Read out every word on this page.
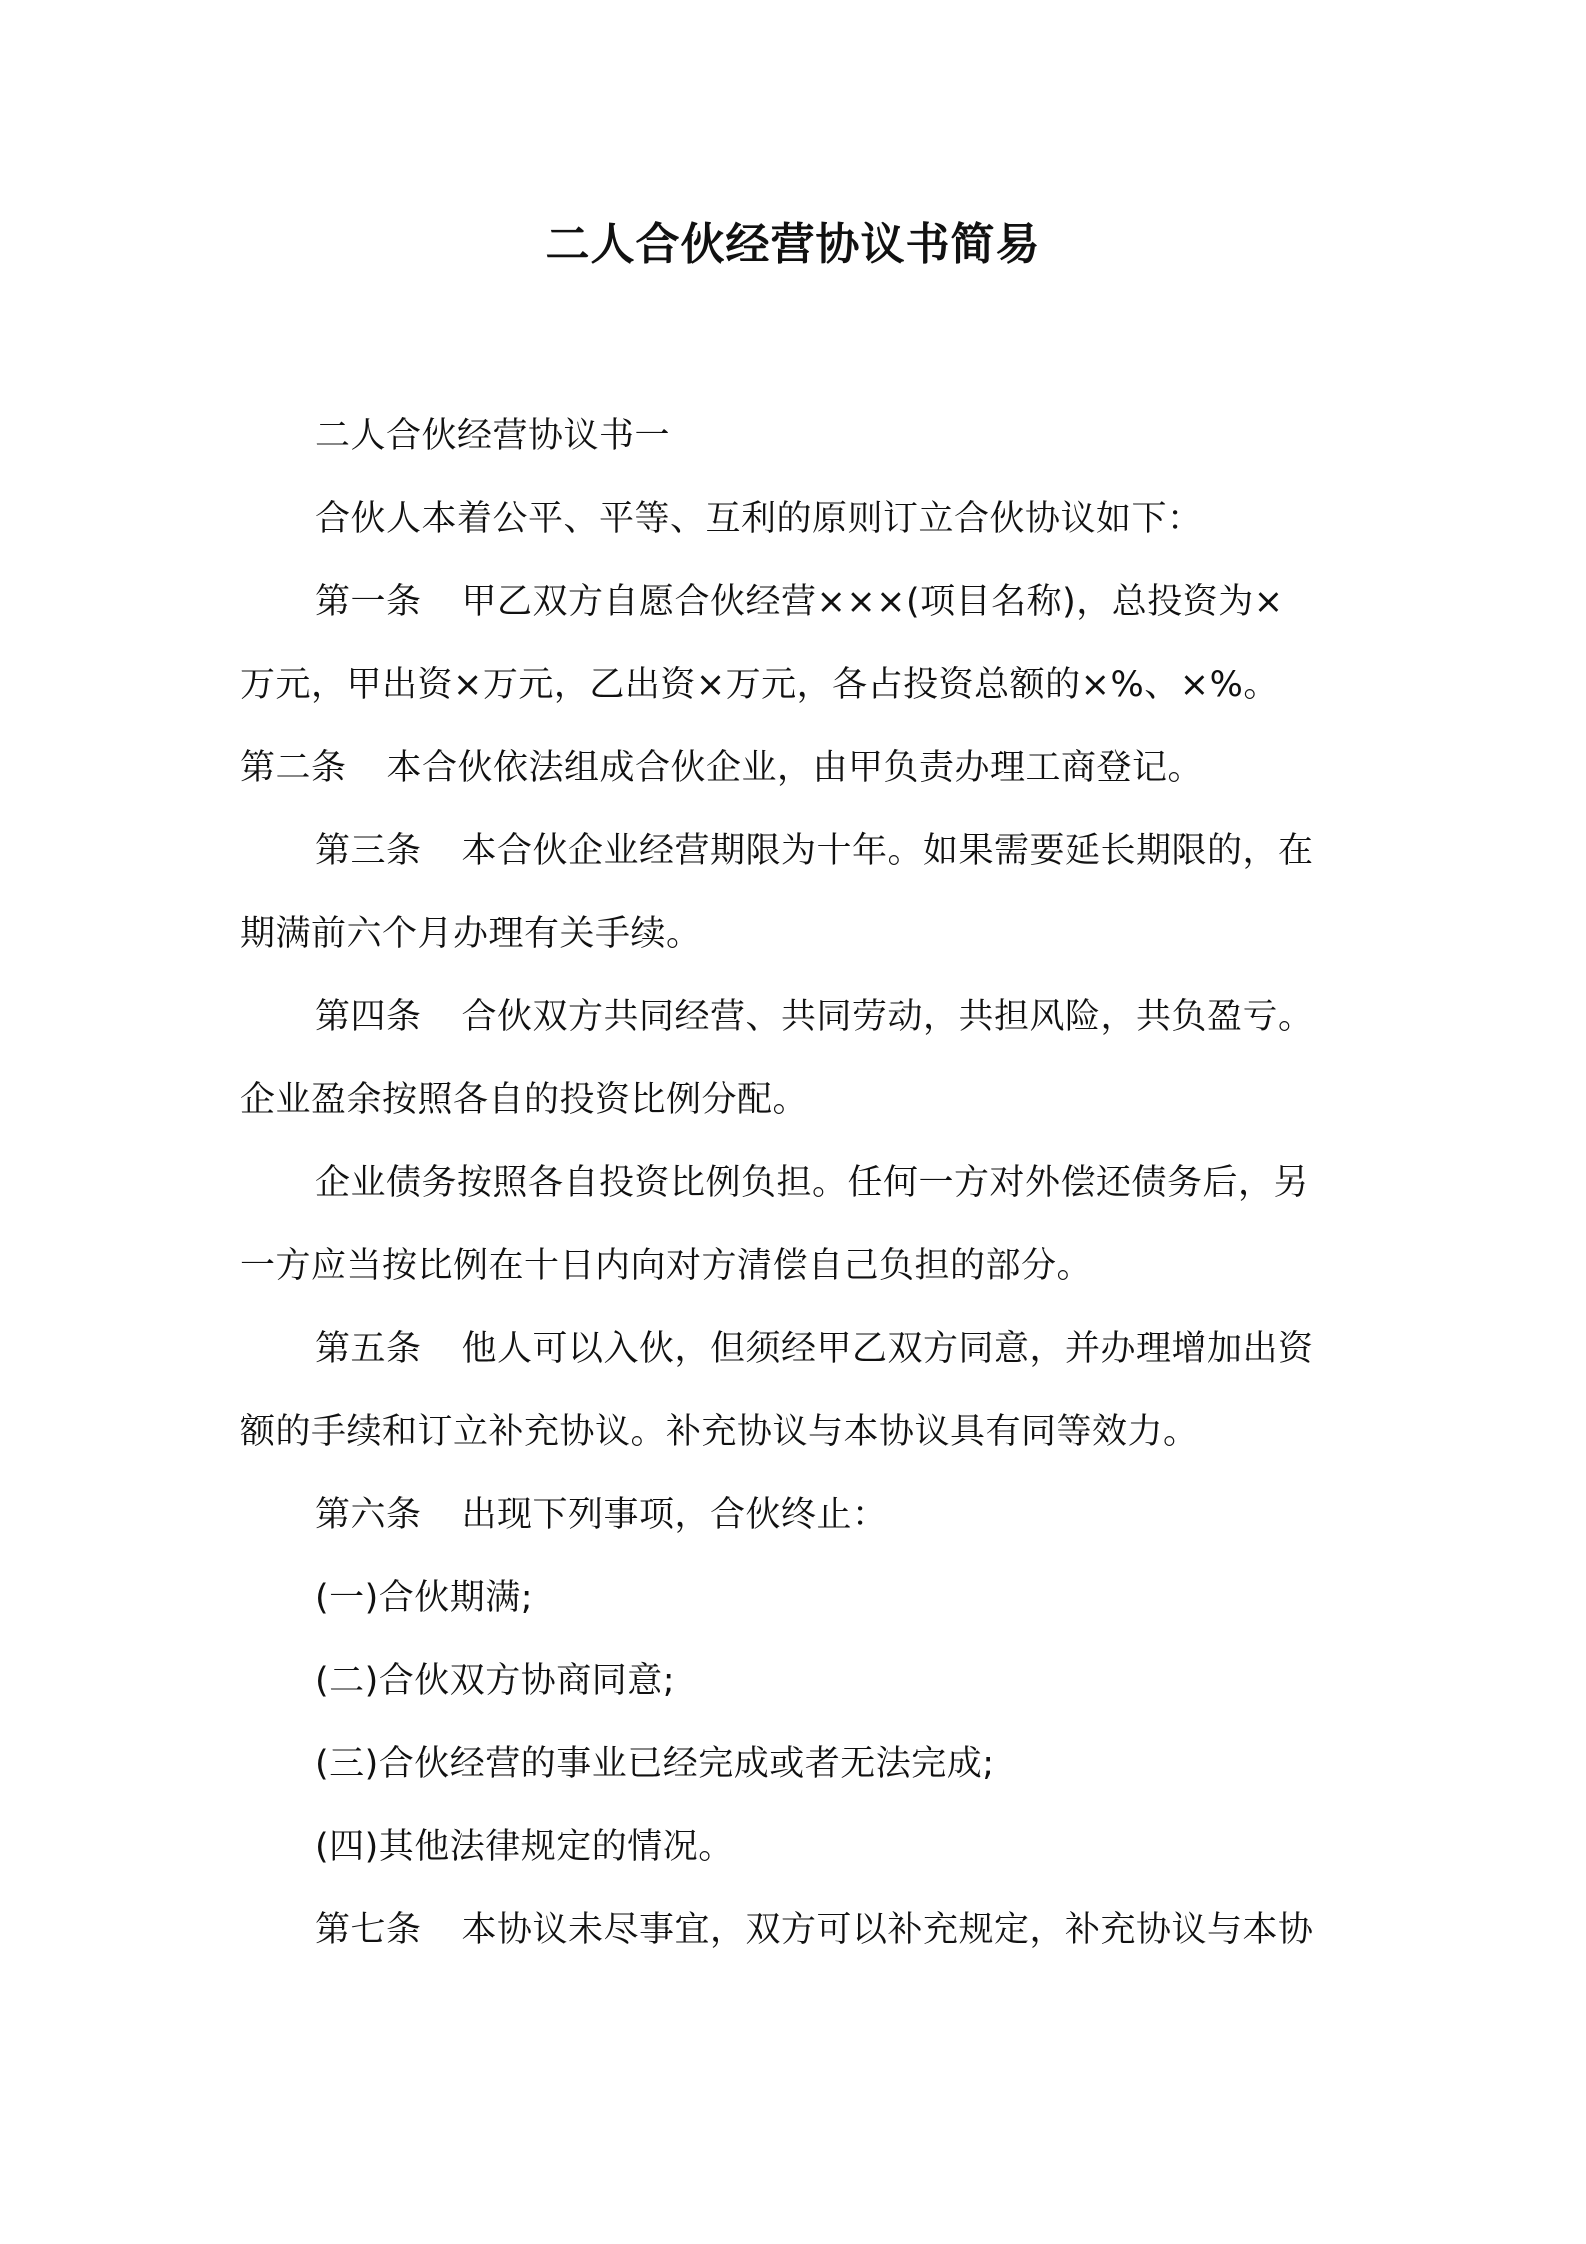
二人合伙经营协议书简易
二人合伙经营协议书一
合伙人本着公平、平等、互利的原则订立合伙协议如下：
第一条 甲乙双方自愿合伙经营×××(项目名称)，总投资为×
万元，甲出资×万元，乙出资×万元，各占投资总额的×%、×%。
第二条 本合伙依法组成合伙企业，由甲负责办理工商登记。
第三条 本合伙企业经营期限为十年。如果需要延长期限的，在
期满前六个月办理有关手续。
第四条 合伙双方共同经营、共同劳动，共担风险，共负盈亏。
企业盈余按照各自的投资比例分配。
企业债务按照各自投资比例负担。任何一方对外偿还债务后，另
一方应当按比例在十日内向对方清偿自己负担的部分。
第五条 他人可以入伙，但须经甲乙双方同意，并办理增加出资
额的手续和订立补充协议。补充协议与本协议具有同等效力。
第六条 出现下列事项，合伙终止：
(一)合伙期满;
(二)合伙双方协商同意;
(三)合伙经营的事业已经完成或者无法完成;
(四)其他法律规定的情况。
第七条 本协议未尽事宜，双方可以补充规定，补充协议与本协
